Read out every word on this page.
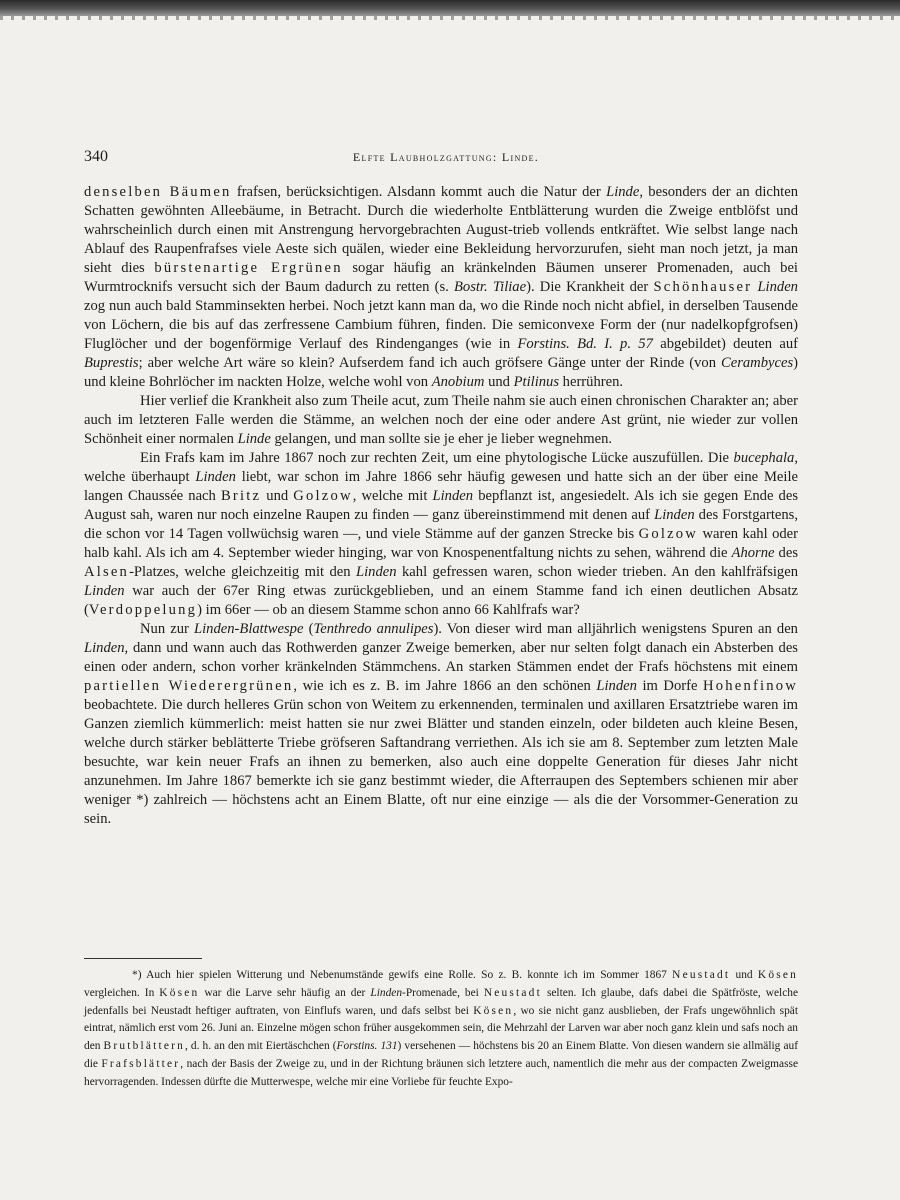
340	Elfte Laubholzgattung: Linde.

denselben Bäumen frafsen, berücksichtigen. Alsdann kommt auch die Natur der Linde, besonders der an dichten Schatten gewöhnten Alleebäume, in Betracht. Durch die wiederholte Entblätterung wurden die Zweige entblöfst und wahrscheinlich durch einen mit Anstrengung hervorgebrachten August-trieb vollends entkräftet. Wie selbst lange nach Ablauf des Raupenfrafses viele Aeste sich quälen, wieder eine Bekleidung hervorzurufen, sieht man noch jetzt, ja man sieht dies bürstenartige Ergrünen sogar häufig an kränkelnden Bäumen unserer Promenaden, auch bei Wurmtrocknifs versucht sich der Baum dadurch zu retten (s. Bostr. Tiliae). Die Krankheit der Schönhauser Linden zog nun auch bald Stamminsekten herbei. Noch jetzt kann man da, wo die Rinde noch nicht abfiel, in derselben Tausende von Löchern, die bis auf das zerfressene Cambium führen, finden. Die semiconvexe Form der (nur nadelkopfgrofsen) Fluglöcher und der bogenförmige Verlauf des Rindenganges (wie in Forstins. Bd. I. p. 57 abgebildet) deuten auf Buprestis; aber welche Art wäre so klein? Aufserdem fand ich auch gröfsere Gänge unter der Rinde (von Cerambyces) und kleine Bohrlöcher im nackten Holze, welche wohl von Anobium und Ptilinus herrühren.

Hier verlief die Krankheit also zum Theile acut, zum Theile nahm sie auch einen chronischen Charakter an; aber auch im letzteren Falle werden die Stämme, an welchen noch der eine oder andere Ast grünt, nie wieder zur vollen Schönheit einer normalen Linde gelangen, und man sollte sie je eher je lieber wegnehmen.

Ein Frafs kam im Jahre 1867 noch zur rechten Zeit, um eine phytologische Lücke auszufüllen. Die bucephala, welche überhaupt Linden liebt, war schon im Jahre 1866 sehr häufig gewesen und hatte sich an der über eine Meile langen Chaussée nach Britz und Golzow, welche mit Linden bepflanzt ist, angesiedelt. Als ich sie gegen Ende des August sah, waren nur noch einzelne Raupen zu finden — ganz übereinstimmend mit denen auf Linden des Forstgartens, die schon vor 14 Tagen vollwüchsig waren —, und viele Stämme auf der ganzen Strecke bis Golzow waren kahl oder halb kahl. Als ich am 4. September wieder hinging, war von Knospenentfaltung nichts zu sehen, während die Ahorne des Alsen-Platzes, welche gleichzeitig mit den Linden kahl gefressen waren, schon wieder trieben. An den kahlfräfsigen Linden war auch der 67er Ring etwas zurückgeblieben, und an einem Stamme fand ich einen deutlichen Absatz (Verdoppelung) im 66er — ob an diesem Stamme schon anno 66 Kahlfrafs war?

Nun zur Linden-Blattwespe (Tenthredo annulipes). Von dieser wird man alljährlich wenigstens Spuren an den Linden, dann und wann auch das Rothwerden ganzer Zweige bemerken, aber nur selten folgt danach ein Absterben des einen oder andern, schon vorher kränkelnden Stämmchens. An starken Stämmen endet der Frafs höchstens mit einem partiellen Wiederergrünen, wie ich es z. B. im Jahre 1866 an den schönen Linden im Dorfe Hohenfinow beobachtete. Die durch helleres Grün schon von Weitem zu erkennenden, terminalen und axillaren Ersatztriebe waren im Ganzen ziemlich kümmerlich: meist hatten sie nur zwei Blätter und standen einzeln, oder bildeten auch kleine Besen, welche durch stärker beblätterte Triebe gröfseren Saftandrang verriethen. Als ich sie am 8. September zum letzten Male besuchte, war kein neuer Frafs an ihnen zu bemerken, also auch eine doppelte Generation für dieses Jahr nicht anzunehmen. Im Jahre 1867 bemerkte ich sie ganz bestimmt wieder, die Afterraupen des Septembers schienen mir aber weniger *) zahlreich — höchstens acht an Einem Blatte, oft nur eine einzige — als die der Vorsommer-Generation zu sein.

*) Auch hier spielen Witterung und Nebenumstände gewifs eine Rolle. So z. B. konnte ich im Sommer 1867 Neustadt und Kösen vergleichen. In Kösen war die Larve sehr häufig an der Linden-Promenade, bei Neustadt selten. Ich glaube, dafs dabei die Spätfröste, welche jedenfalls bei Neustadt heftiger auftraten, von Einflufs waren, und dafs selbst bei Kösen, wo sie nicht ganz ausblieben, der Frafs ungewöhnlich spät eintrat, nämlich erst vom 26. Juni an. Einzelne mögen schon früher ausgekommen sein, die Mehrzahl der Larven war aber noch ganz klein und safs noch an den Brutblättern, d. h. an den mit Eiertäschchen (Forstins. 131) versehenen — höchstens bis 20 an Einem Blatte. Von diesen wandern sie allmälig auf die Frafsblätter, nach der Basis der Zweige zu, und in der Richtung bräunen sich letztere auch, namentlich die mehr aus der compacten Zweigmasse hervorragenden. Indessen dürfte die Mutterwespe, welche mir eine Vorliebe für feuchte Expo-
